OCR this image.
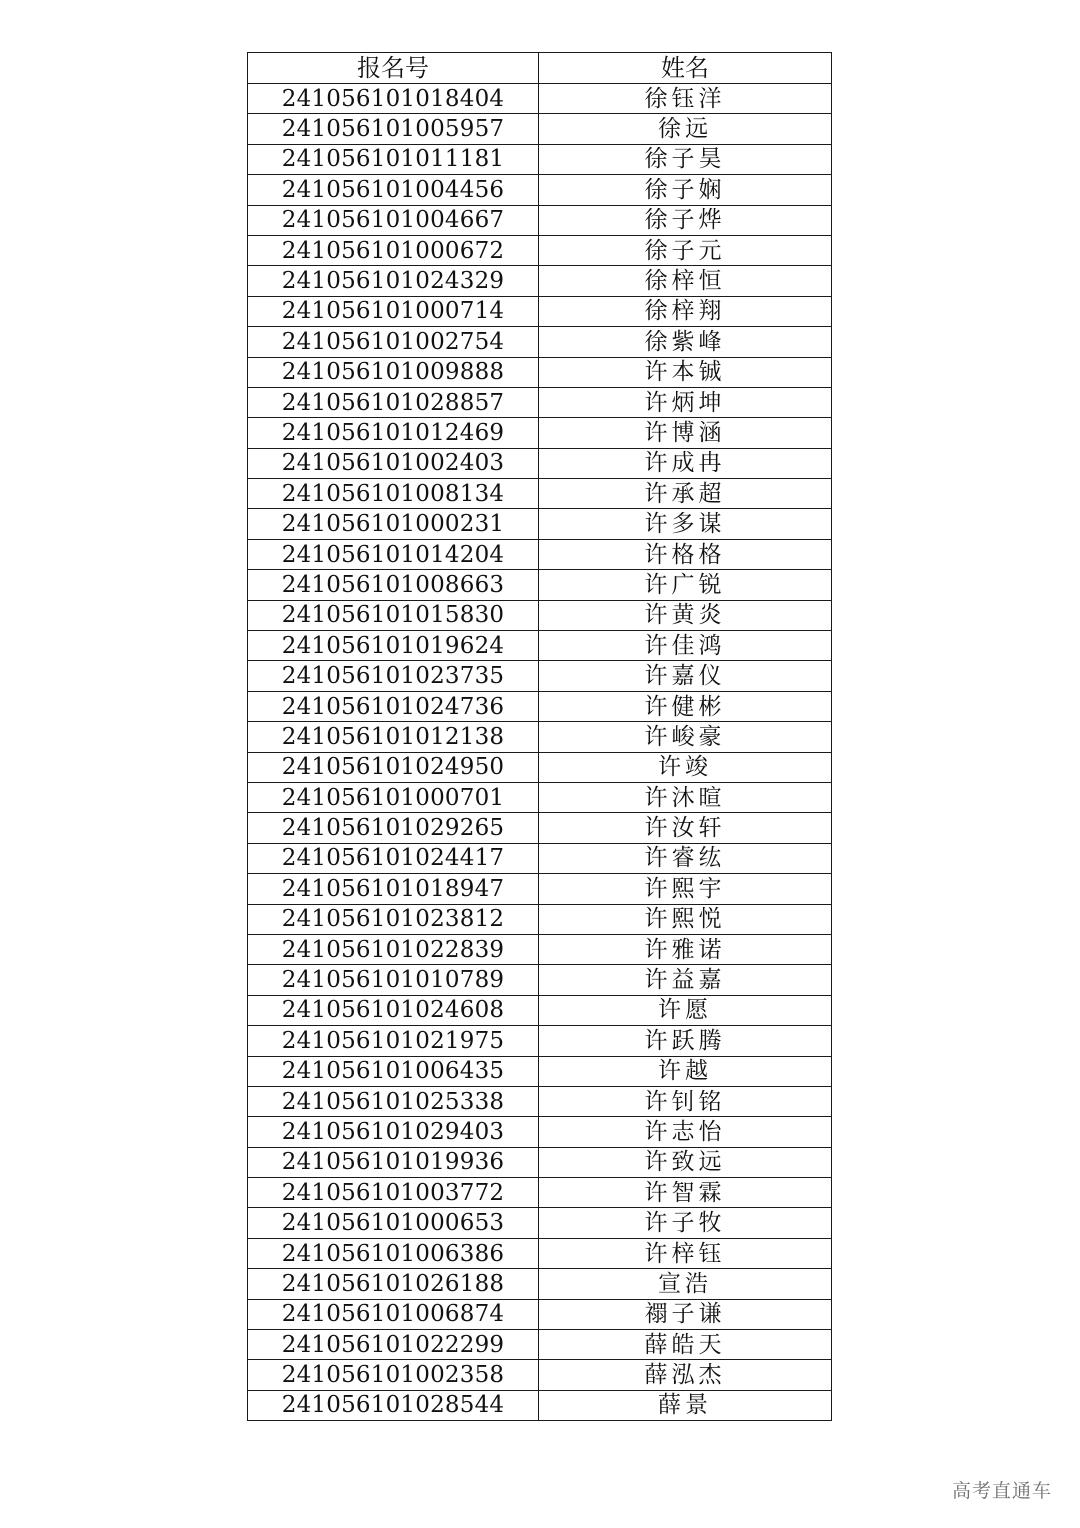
报名号	姓名
241056101018404	徐钰洋
241056101005957	徐远
241056101011181	徐子昊
241056101004456	徐子娴
241056101004667	徐子烨
241056101000672	徐子元
241056101024329	徐梓恒
241056101000714	徐梓翔
241056101002754	徐紫峰
241056101009888	许本铖
241056101028857	许炳坤
241056101012469	许博涵
241056101002403	许成冉
241056101008134	许承超
241056101000231	许多谋
241056101014204	许格格
241056101008663	许广锐
241056101015830	许黄炎
241056101019624	许佳鸿
241056101023735	许嘉仪
241056101024736	许健彬
241056101012138	许峻豪
241056101024950	许竣
241056101000701	许沐暄
241056101029265	许汝轩
241056101024417	许睿纮
241056101018947	许熙宇
241056101023812	许熙悦
241056101022839	许雅诺
241056101010789	许益嘉
241056101024608	许愿
241056101021975	许跃腾
241056101006435	许越
241056101025338	许钊铭
241056101029403	许志怡
241056101019936	许致远
241056101003772	许智霖
241056101000653	许子牧
241056101006386	许梓钰
241056101026188	宣浩
241056101006874	禤子谦
241056101022299	薛皓天
241056101002358	薛泓杰
241056101028544	薛景
高考直通车
